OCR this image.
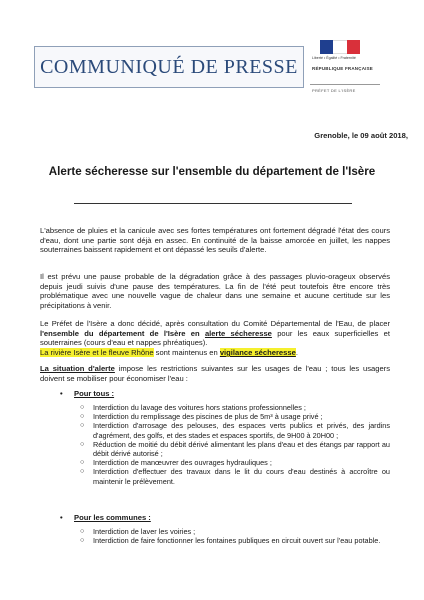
COMMUNIQUÉ DE PRESSE	Liberté • Égalité • Fraternité
RÉPUBLIQUE FRANÇAISE
PRÉFET DE L'ISÈRE
Grenoble, le 09 août 2018,
Alerte sécheresse sur l'ensemble du département de l'Isère
L'absence de pluies et la canicule avec ses fortes températures ont fortement dégradé l'état des cours d'eau, dont une partie sont déjà en assec. En continuité de la baisse amorcée en juillet, les nappes souterraines baissent rapidement et ont dépassé les seuils d'alerte.
Il est prévu une pause probable de la dégradation grâce à des passages pluvio-orageux observés depuis jeudi suivis d'une pause des températures. La fin de l'été peut toutefois être encore très problématique avec une nouvelle vague de chaleur dans une semaine et aucune certitude sur les précipitations à venir.
Le Préfet de l'Isère a donc décidé, après consultation du Comité Départemental de l'Eau, de placer l'ensemble du département de l'Isère en alerte sécheresse pour les eaux superficielles et souterraines (cours d'eau et nappes phréatiques).
La rivière Isère et le fleuve Rhône sont maintenus en vigilance sécheresse.
La situation d'alerte impose les restrictions suivantes sur les usages de l'eau ; tous les usagers doivent se mobiliser pour économiser l'eau :
• Pour tous :
○ Interdiction du lavage des voitures hors stations professionnelles ;
○ Interdiction du remplissage des piscines de plus de 5m³ à usage privé ;
○ Interdiction d'arrosage des pelouses, des espaces verts publics et privés, des jardins d'agrément, des golfs, et des stades et espaces sportifs, de 9H00 à 20H00 ;
○ Réduction de moitié du débit dérivé alimentant les plans d'eau et des étangs par rapport au débit dérivé autorisé ;
○ Interdiction de manœuvrer des ouvrages hydrauliques ;
○ Interdiction d'effectuer des travaux dans le lit du cours d'eau destinés à accroître ou maintenir le prélèvement.
• Pour les communes :
○ Interdiction de laver les voiries ;
○ Interdiction de faire fonctionner les fontaines publiques en circuit ouvert sur l'eau potable.
